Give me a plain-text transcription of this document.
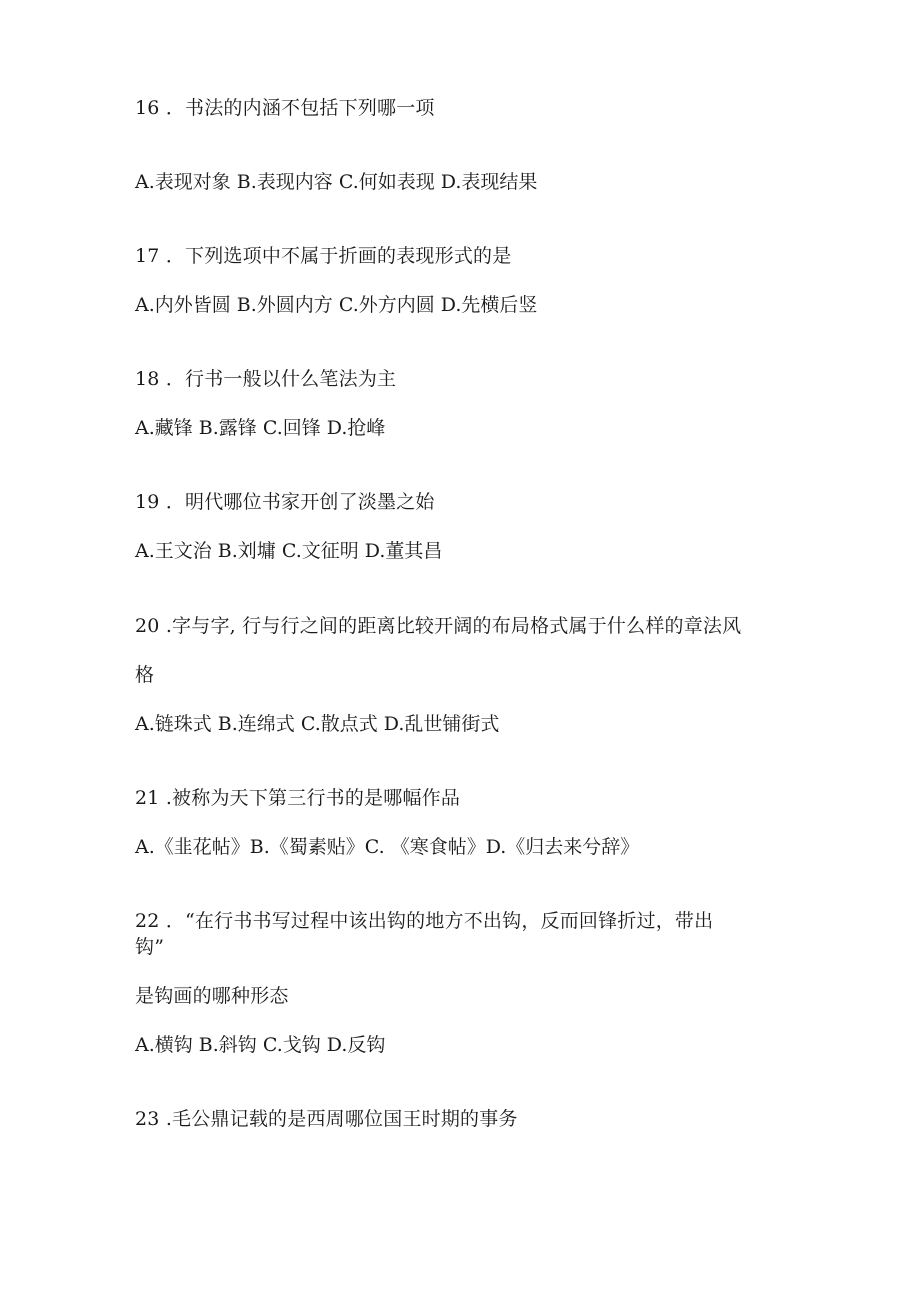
16 ．书法的内涵不包括下列哪一项
A.表现对象 B.表现内容 C.何如表现 D.表现结果
17 ．下列选项中不属于折画的表现形式的是
A.内外皆圆 B.外圆内方 C.外方内圆 D.先横后竖
18 ．行书一般以什么笔法为主
A.藏锋 B.露锋 C.回锋 D.抢峰
19 ．明代哪位书家开创了淡墨之始
A.王文治 B.刘墉 C.文征明 D.董其昌
20 .字与字, 行与行之间的距离比较开阔的布局格式属于什么样的章法风
格
A.链珠式 B.连绵式 C.散点式 D.乱世铺街式
21 .被称为天下第三行书的是哪幅作品
A.《韭花帖》B.《蜀素贴》C. 《寒食帖》D.《归去来兮辞》
22 ．“在行书书写过程中该出钩的地方不出钩，反而回锋折过，带出
钩”
是钩画的哪种形态
A.横钩 B.斜钩 C.戈钩 D.反钩
23 .毛公鼎记载的是西周哪位国王时期的事务
